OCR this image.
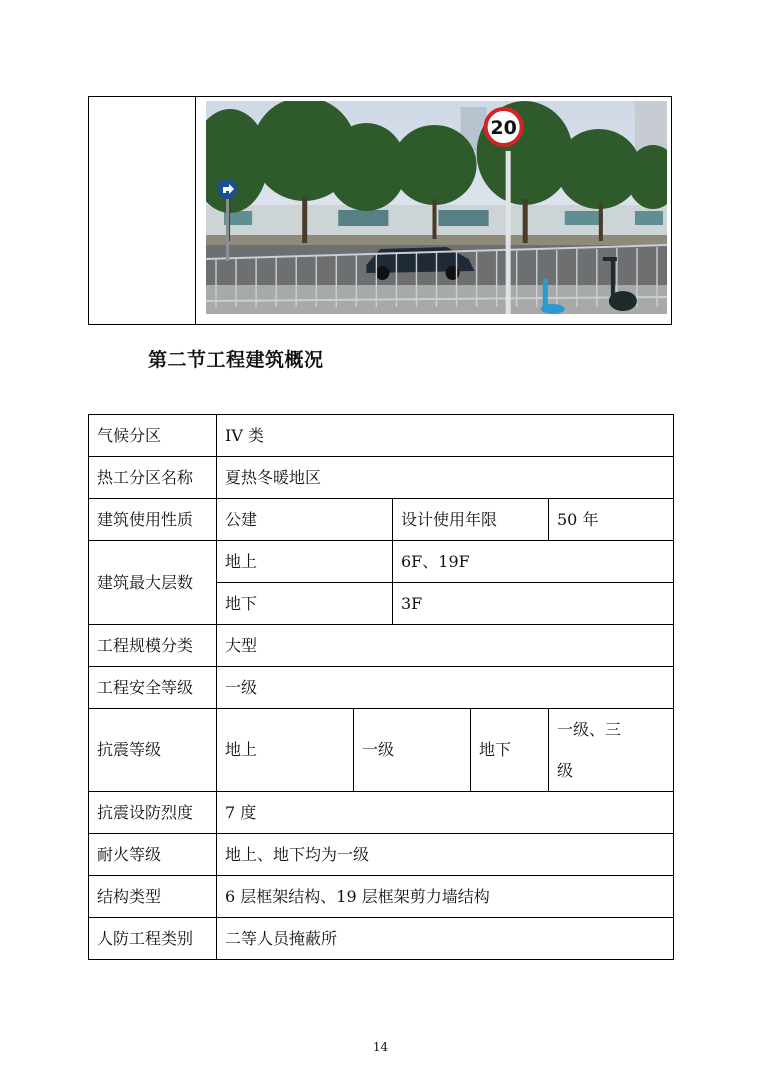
20
第二节工程建筑概况
气候分区	IV 类				
热工分区名称	夏热冬暖地区				
建筑使用性质	公建		设计使用年限		50 年
建筑最大层数	地上		6F、19F		
	地下		3F		
工程规模分类	大型				
工程安全等级	一级				
抗震等级	地上	一级		地下	一级、三
级

抗震设防烈度	7 度				
耐火等级	地上、地下均为一级				
结构类型	6 层框架结构、19 层框架剪力墙结构				
人防工程类别	二等人员掩蔽所				
14
